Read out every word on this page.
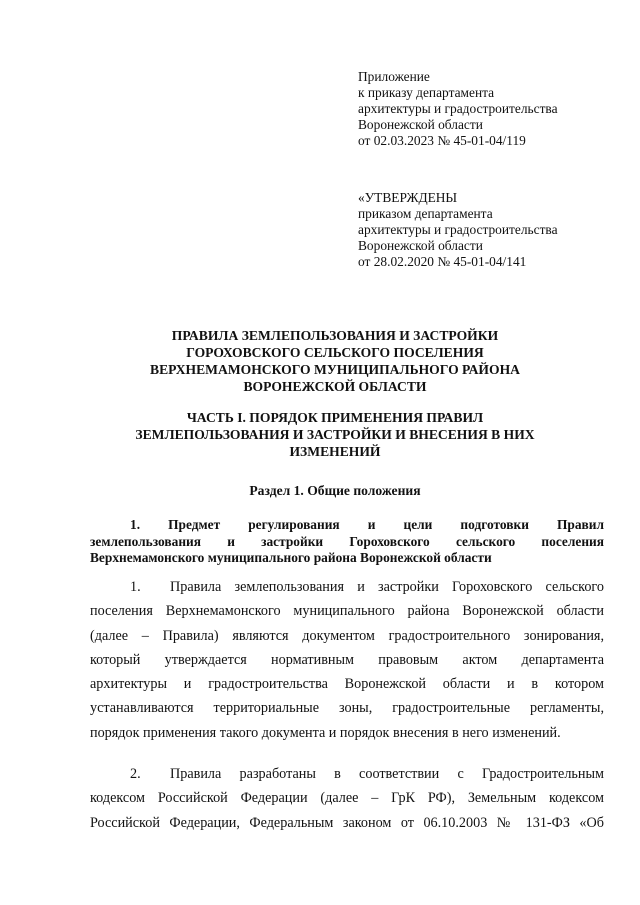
Приложение
к приказу департамента
архитектуры и градостроительства
Воронежской области
от 02.03.2023 № 45-01-04/119
«УТВЕРЖДЕНЫ
приказом департамента
архитектуры и градостроительства
Воронежской области
от 28.02.2020 № 45-01-04/141
ПРАВИЛА ЗЕМЛЕПОЛЬЗОВАНИЯ И ЗАСТРОЙКИ
ГОРОХОВСКОГО СЕЛЬСКОГО ПОСЕЛЕНИЯ
ВЕРХНЕМАМОНСКОГО МУНИЦИПАЛЬНОГО РАЙОНА
ВОРОНЕЖСКОЙ ОБЛАСТИ
ЧАСТЬ I. ПОРЯДОК ПРИМЕНЕНИЯ ПРАВИЛ
ЗЕМЛЕПОЛЬЗОВАНИЯ И ЗАСТРОЙКИ И ВНЕСЕНИЯ В НИХ
ИЗМЕНЕНИЙ
Раздел 1. Общие положения
1. Предмет регулирования и цели подготовки Правил
землепользования и застройки Гороховского сельского поселения
Верхнемамонского муниципального района Воронежской области
1. Правила землепользования и застройки Гороховского сельского
поселения Верхнемамонского муниципального района Воронежской области
(далее – Правила) являются документом градостроительного зонирования,
который утверждается нормативным правовым актом департамента
архитектуры и градостроительства Воронежской области и в котором
устанавливаются территориальные зоны, градостроительные регламенты,
порядок применения такого документа и порядок внесения в него изменений.
2. Правила разработаны в соответствии с Градостроительным
кодексом Российской Федерации (далее – ГрК РФ), Земельным кодексом
Российской Федерации, Федеральным законом от 06.10.2003 № 131-ФЗ «Об
